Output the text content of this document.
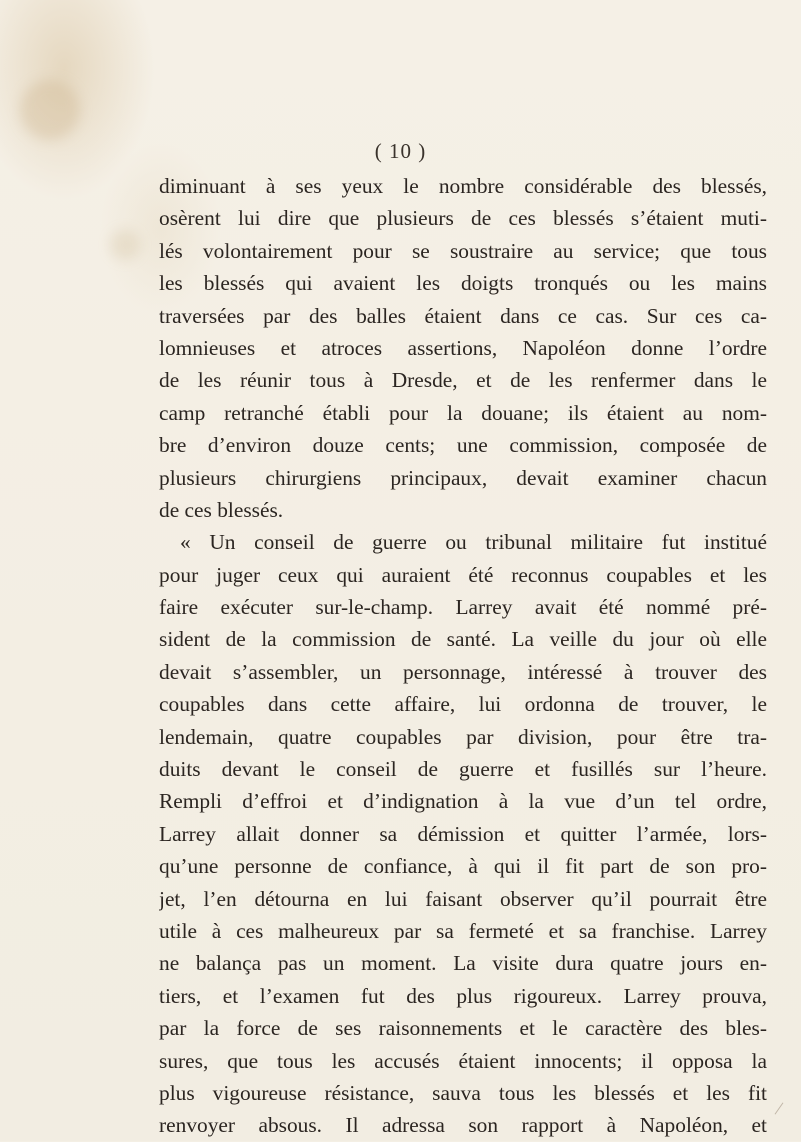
( 10 )
diminuant à ses yeux le nombre considérable des blessés,
osèrent lui dire que plusieurs de ces blessés s’étaient muti-
lés volontairement pour se soustraire au service; que tous
les blessés qui avaient les doigts tronqués ou les mains
traversées par des balles étaient dans ce cas. Sur ces ca-
lomnieuses et atroces assertions, Napoléon donne l’ordre
de les réunir tous à Dresde, et de les renfermer dans le
camp retranché établi pour la douane; ils étaient au nom-
bre d’environ douze cents; une commission, composée de
plusieurs chirurgiens principaux, devait examiner chacun
de ces blessés.
« Un conseil de guerre ou tribunal militaire fut institué
pour juger ceux qui auraient été reconnus coupables et les
faire exécuter sur-le-champ. Larrey avait été nommé pré-
sident de la commission de santé. La veille du jour où elle
devait s’assembler, un personnage, intéressé à trouver des
coupables dans cette affaire, lui ordonna de trouver, le
lendemain, quatre coupables par division, pour être tra-
duits devant le conseil de guerre et fusillés sur l’heure.
Rempli d’effroi et d’indignation à la vue d’un tel ordre,
Larrey allait donner sa démission et quitter l’armée, lors-
qu’une personne de confiance, à qui il fit part de son pro-
jet, l’en détourna en lui faisant observer qu’il pourrait être
utile à ces malheureux par sa fermeté et sa franchise. Larrey
ne balança pas un moment. La visite dura quatre jours en-
tiers, et l’examen fut des plus rigoureux. Larrey prouva,
par la force de ses raisonnements et le caractère des bles-
sures, que tous les accusés étaient innocents; il opposa la
plus vigoureuse résistance, sauva tous les blessés et les fit
renvoyer absous. Il adressa son rapport à Napoléon, et
